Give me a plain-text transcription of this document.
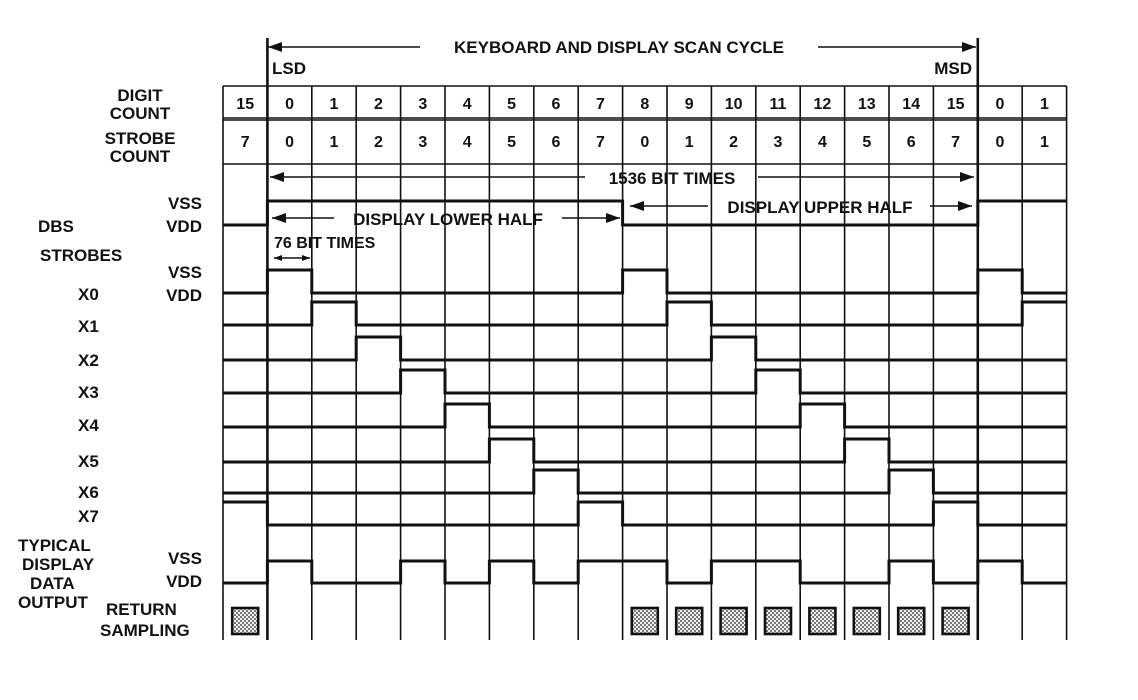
15 0 1 2 3 4 5 6 7 8 9 10 11 12 13 14 15 0 1
7 0 1 2 3 4 5 6 7 0 1 2 3 4 5 6 7 0 1
KEYBOARD AND DISPLAY SCAN CYCLE
LSD	MSD
DIGIT
COUNT
STROBE
COUNT
VSS
DBS	VDD
STROBES
VSS
VDD
TYPICAL
DISPLAY
DATA
OUTPUT
VSS
VDD
RETURN
SAMPLING
X0
X1
X2
X3
X4
X5
X6
X7
1536 BIT TIMES
DISPLAY LOWER HALF
DISPLAY UPPER HALF
76 BIT TIMES
